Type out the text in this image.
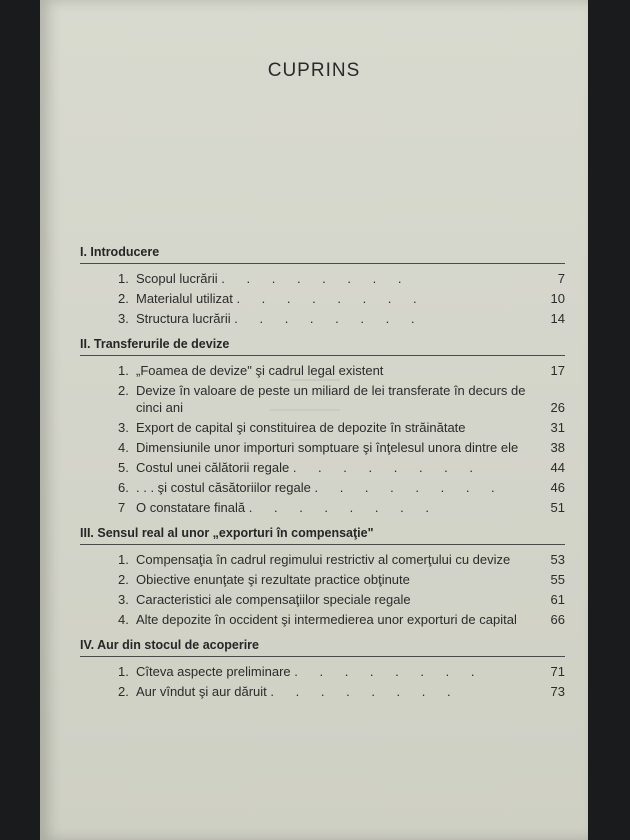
CUPRINS
I. Introducere
1. Scopul lucrării . . . . . . . .	7
2. Materialul utilizat . . . . . . . .	10
3. Structura lucrării . . . . . . . .	14
II. Transferurile de devize
1. „Foamea de devize" şi cadrul legal existent	17
2. Devize în valoare de peste un miliard de lei transferate în decurs de cinci ani	26
3. Export de capital şi constituirea de depozite în străinătate	31
4. Dimensiunile unor importuri somptuare şi înţelesul unora dintre ele	38
5. Costul unei călătorii regale . . . . . . . .	44
6. . . . şi costul căsătoriilor regale . . . . . . . .	46
7 O constatare finală . . . . . . . .	51
III. Sensul real al unor „exporturi în compensaţie"
1. Compensaţia în cadrul regimului restrictiv al comerţului cu devize	53
2. Obiective enunţate şi rezultate practice obţinute	55
3. Caracteristici ale compensaţiilor speciale regale	61
4. Alte depozite în occident şi intermedierea unor exporturi de capital	66
IV. Aur din stocul de acoperire
1. Cîteva aspecte preliminare . . . . . . . .	71
2. Aur vîndut şi aur dăruit . . . . . . . .	73
